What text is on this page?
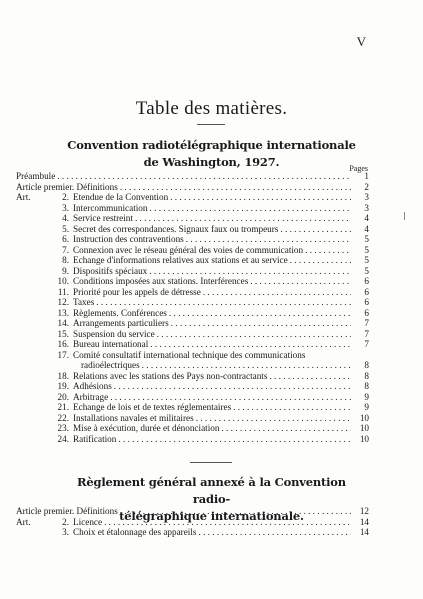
V
Table des matières.
Convention radiotélégraphique internationale
de Washington, 1927.	Pages
Préambule . . .	1
Article premier. Définitions . . .	2
Art.	2. Etendue de la Convention . . .	3
3. Intercommunication . . .	3
4. Service restreint . . .	4
5. Secret des correspondances. Signaux faux ou trompeurs . . .	4
6. Instruction des contraventions . . .	5
7. Connexion avec le réseau général des voies de communication . . .	5
8. Echange d'informations relatives aux stations et au service . . .	5
9. Dispositifs spéciaux . . .	5
10. Conditions imposées aux stations. Interférences . . .	6
11. Priorité pour les appels de détresse . . .	6
12. Taxes . . .	6
13. Règlements. Conférences . . .	6
14. Arrangements particuliers . . .	7
15. Suspension du service . . .	7
16. Bureau international . . .	7
17. Comité consultatif international technique des communications
radioélectriques . . .	8
18. Relations avec les stations des Pays non-contractants . . .	8
19. Adhésions . . .	8
20. Arbitrage . . .	9
21. Echange de lois et de textes réglementaires . . .	9
22. Installations navales et militaires . . .	10
23. Mise à exécution, durée et dénonciation . . .	10
24. Ratification . . .	10
Règlement général annexé à la Convention radio-
télégraphique internationale.
Article premier. Définitions . . .	12
Art.	2. Licence . . .	14
3. Choix et étalonnage des appareils . . .	14
